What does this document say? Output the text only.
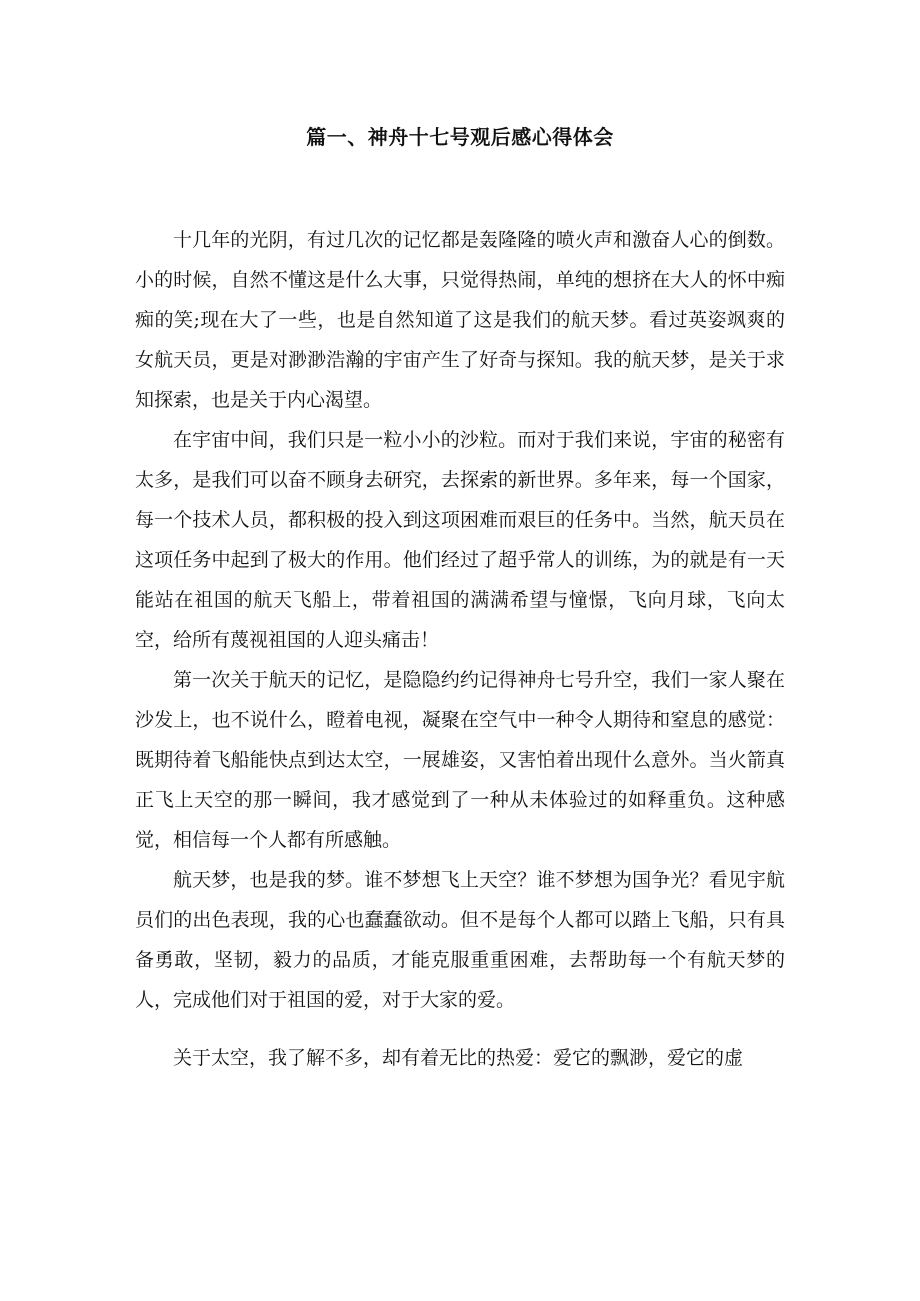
篇一、神舟十七号观后感心得体会

十几年的光阴，有过几次的记忆都是轰隆隆的喷火声和激奋人心的倒数。小的时候，自然不懂这是什么大事，只觉得热闹，单纯的想挤在大人的怀中痴痴的笑;现在大了一些，也是自然知道了这是我们的航天梦。看过英姿飒爽的女航天员，更是对渺渺浩瀚的宇宙产生了好奇与探知。我的航天梦，是关于求知探索，也是关于内心渴望。

在宇宙中间，我们只是一粒小小的沙粒。而对于我们来说，宇宙的秘密有太多，是我们可以奋不顾身去研究，去探索的新世界。多年来，每一个国家，每一个技术人员，都积极的投入到这项困难而艰巨的任务中。当然，航天员在这项任务中起到了极大的作用。他们经过了超乎常人的训练，为的就是有一天能站在祖国的航天飞船上，带着祖国的满满希望与憧憬，飞向月球，飞向太空，给所有蔑视祖国的人迎头痛击！

第一次关于航天的记忆，是隐隐约约记得神舟七号升空，我们一家人聚在沙发上，也不说什么，瞪着电视，凝聚在空气中一种令人期待和窒息的感觉：既期待着飞船能快点到达太空，一展雄姿，又害怕着出现什么意外。当火箭真正飞上天空的那一瞬间，我才感觉到了一种从未体验过的如释重负。这种感觉，相信每一个人都有所感触。

航天梦，也是我的梦。谁不梦想飞上天空？谁不梦想为国争光？看见宇航员们的出色表现，我的心也蠢蠢欲动。但不是每个人都可以踏上飞船，只有具备勇敢，坚韧，毅力的品质，才能克服重重困难，去帮助每一个有航天梦的人，完成他们对于祖国的爱，对于大家的爱。

关于太空，我了解不多，却有着无比的热爱：爱它的飘渺，爱它的虚
